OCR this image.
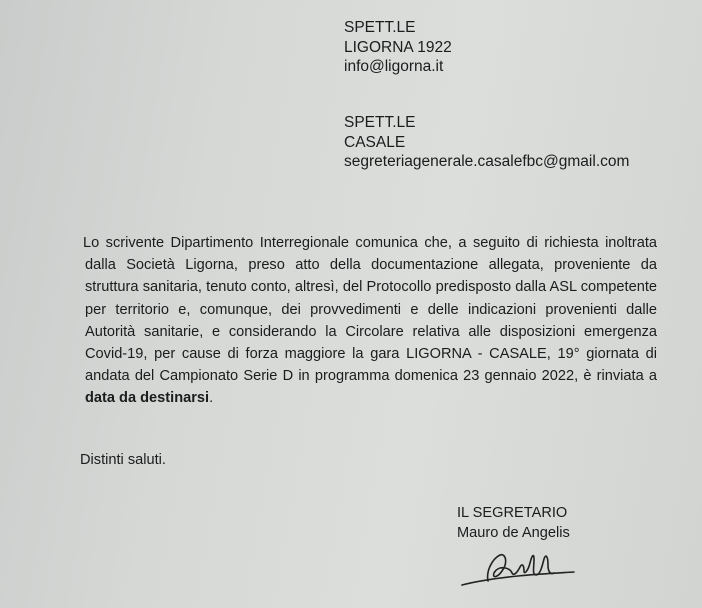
SPETT.LE
LIGORNA 1922
info@ligorna.it
SPETT.LE
CASALE
segreteriagenerale.casalefbc@gmail.com
Lo scrivente Dipartimento Interregionale comunica che, a seguito di richiesta inoltrata dalla Società Ligorna, preso atto della documentazione allegata, proveniente da struttura sanitaria, tenuto conto, altresì, del Protocollo predisposto dalla ASL competente per territorio e, comunque, dei provvedimenti e delle indicazioni provenienti dalle Autorità sanitarie, e considerando la Circolare relativa alle disposizioni emergenza Covid-19, per cause di forza maggiore la gara LIGORNA - CASALE, 19° giornata di andata del Campionato Serie D in programma domenica 23 gennaio 2022, è rinviata a data da destinarsi.
Distinti saluti.
IL SEGRETARIO
Mauro de Angelis
